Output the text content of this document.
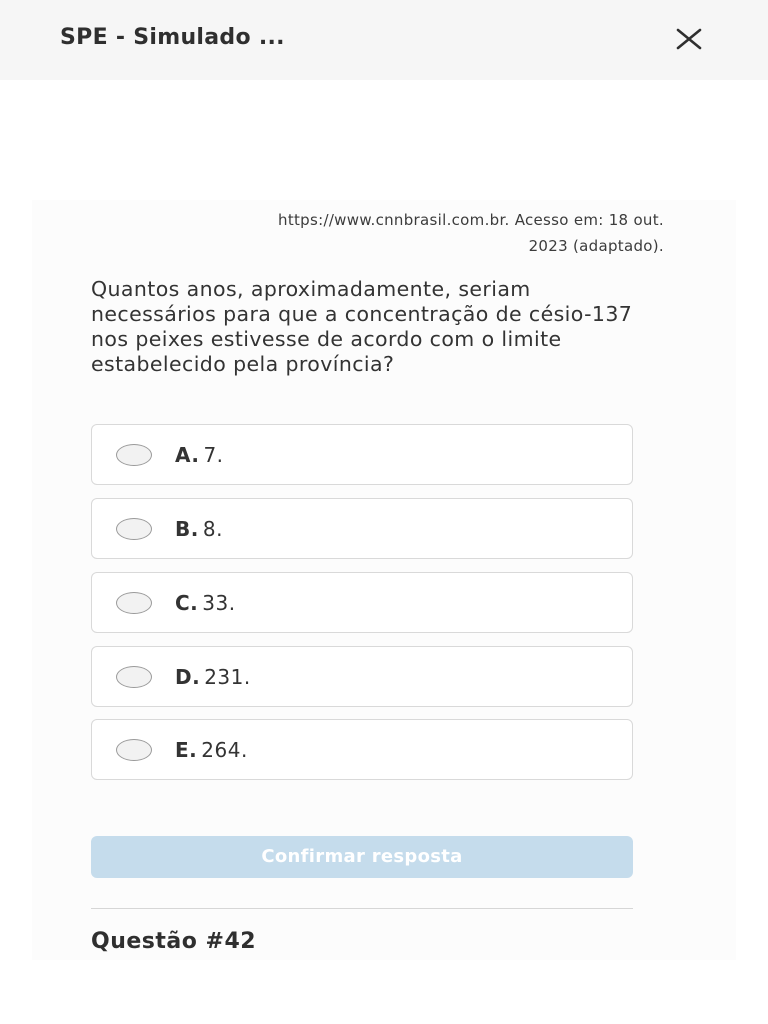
SPE - Simulado ...
https://www.cnnbrasil.com.br. Acesso em: 18 out.
2023 (adaptado).
Quantos anos, aproximadamente, seriam necessários para que a concentração de césio-137 nos peixes estivesse de acordo com o limite estabelecido pela província?
A. 7.
B. 8.
C. 33.
D. 231.
E. 264.
Confirmar resposta
Questão #42
